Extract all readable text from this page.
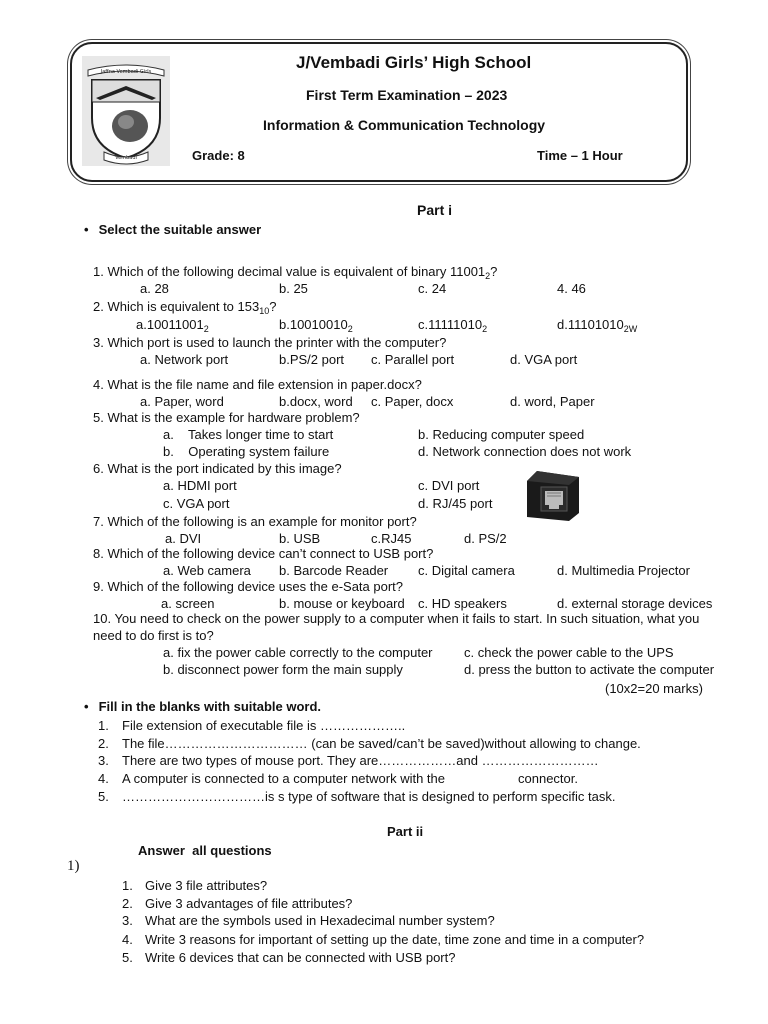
Jaffna Vembadi Girls
Vembadi
J/Vembadi Girls’ High School
First Term Examination – 2023
Information & Communication Technology
Grade: 8	Time – 1 Hour
Part i
• Select the suitable answer
1. Which of the following decimal value is equivalent of binary $11001_2$?
a. 28	b. 25	c. 24	4. 46
2. Which is equivalent to $153_{10}$?
$a.10011001_2$	$b.10010010_2$	$c.11111010_2$	$d.11101010_{2W}$
3. Which port is used to launch the printer with the computer?
a. Network port	b.PS/2 port c. Parallel port	d. VGA port
4. What is the file name and file extension in paper.docx?
a. Paper, word	b.docx, word c. Paper, docx	d. word, Paper
5. What is the example for hardware problem?
a.    Takes longer time to start	b. Reducing computer speed
b.    Operating system failure	d. Network connection does not work
6. What is the port indicated by this image?
a. HDMI port	c. DVI port
c. VGA port	d. RJ/45 port
7. Which of the following is an example for monitor port?
a. DVI	b. USB	c.RJ45	d. PS/2
8. Which of the following device can’t connect to USB port?
a. Web camera b. Barcode Reader c. Digital camera	d. Multimedia Projector
9. Which of the following device uses the e-Sata port?
a. screen	b. mouse or keyboard c. HD speakers	d. external storage devices
10. You need to check on the power supply to a computer when it fails to start. In such situation, what you
need to do first is to?
a. fix the power cable correctly to the computer c. check the power cable to the UPS
b. disconnect power form the main supply	d. press the button to activate the computer
(10x2=20 marks)
• Fill in the blanks with suitable word.
1. File extension of executable file is ………………..
2. The file…………………………… (can be saved/can’t be saved)without allowing to change.
3. There are two types of mouse port. They are………………and ………………………
4. A computer is connected to a computer network with the	connector.
5. ……………………………is s type of software that is designed to perform specific task.
Part ii
Answer  all questions
1)
1. Give 3 file attributes?
2. Give 3 advantages of file attributes?
3. What are the symbols used in Hexadecimal number system?
4. Write 3 reasons for important of setting up the date, time zone and time in a computer?
5. Write 6 devices that can be connected with USB port?
